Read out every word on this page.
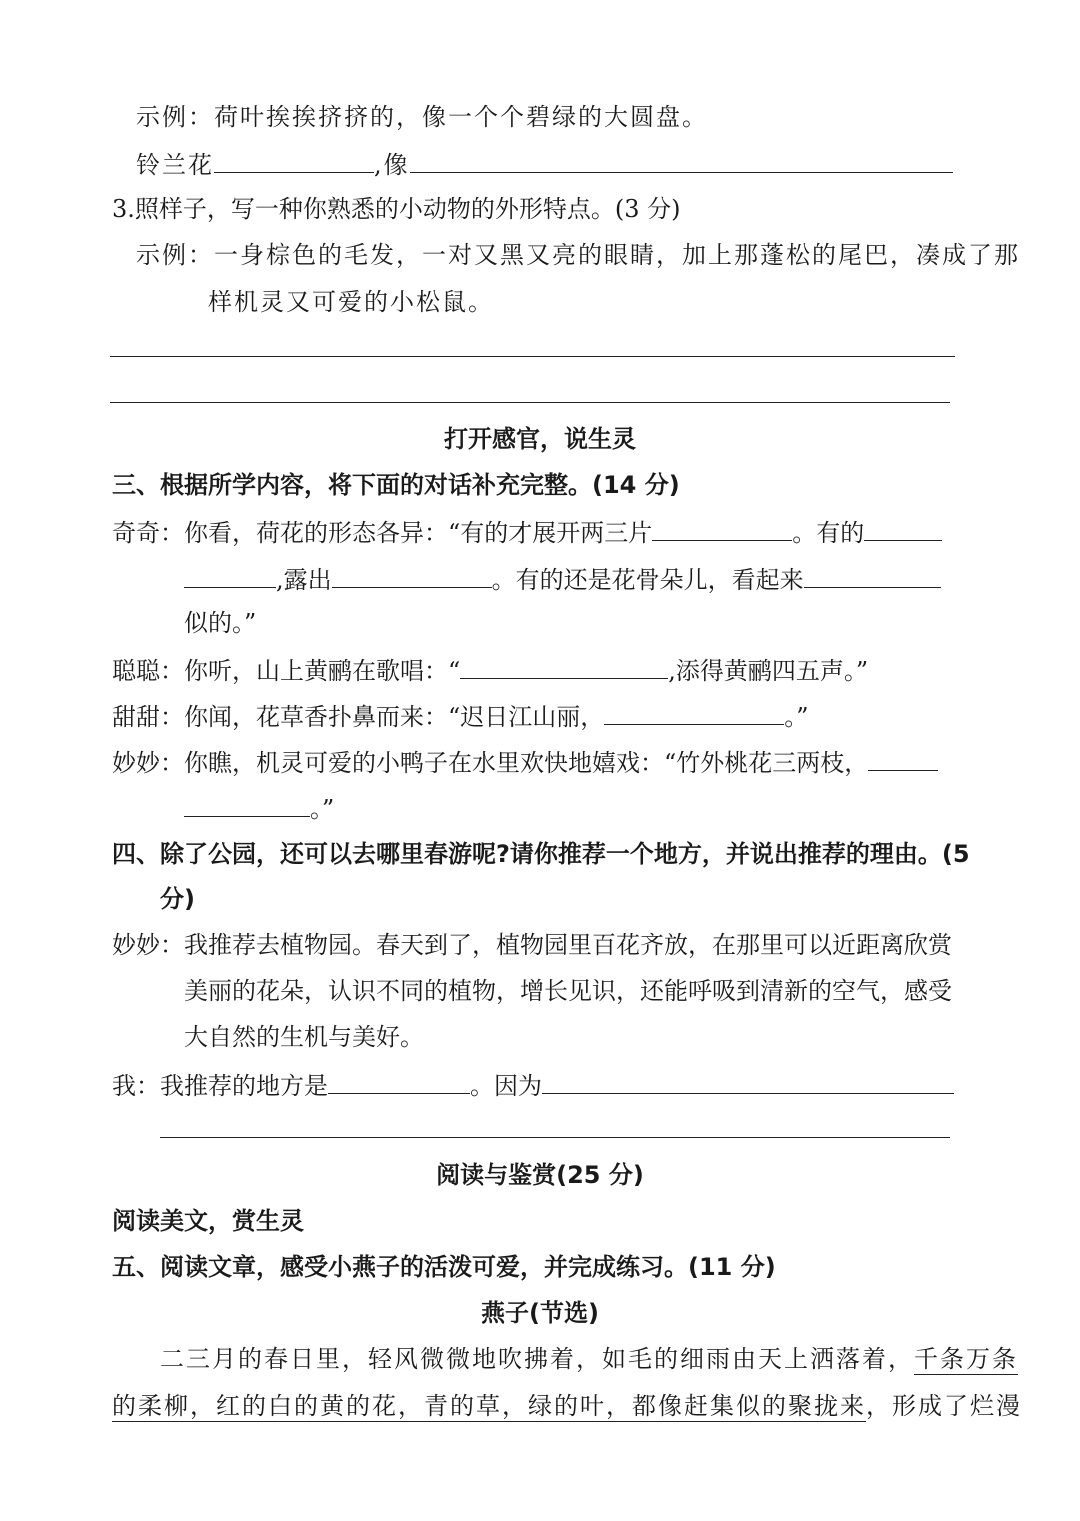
示例：荷叶挨挨挤挤的，像一个个碧绿的大圆盘。
铃兰花	,像
3.照样子，写一种你熟悉的小动物的外形特点。(3 分)
示例：一身棕色的毛发，一对又黑又亮的眼睛，加上那蓬松的尾巴，凑成了那
样机灵又可爱的小松鼠。
打开感官，说生灵
三、根据所学内容，将下面的对话补充完整。(14 分)
奇奇：你看，荷花的形态各异：“有的才展开两三片	。有的
,露出	。有的还是花骨朵儿，看起来
似的。”
聪聪：你听，山上黄鹂在歌唱：“	,添得黄鹂四五声。”
甜甜：你闻，花草香扑鼻而来：“迟日江山丽，	。”
妙妙：你瞧，机灵可爱的小鸭子在水里欢快地嬉戏：“竹外桃花三两枝，
。”
四、除了公园，还可以去哪里春游呢?请你推荐一个地方，并说出推荐的理由。(5
分)
妙妙：我推荐去植物园。春天到了，植物园里百花齐放，在那里可以近距离欣赏
美丽的花朵，认识不同的植物，增长见识，还能呼吸到清新的空气，感受
大自然的生机与美好。
我：我推荐的地方是	。因为
阅读与鉴赏(25 分)
阅读美文，赏生灵
五、阅读文章，感受小燕子的活泼可爱，并完成练习。(11 分)
燕子(节选)
二三月的春日里，轻风微微地吹拂着，如毛的细雨由天上洒落着，千条万条
的柔柳，红的白的黄的花，青的草，绿的叶，都像赶集似的聚拢来，形成了烂漫
